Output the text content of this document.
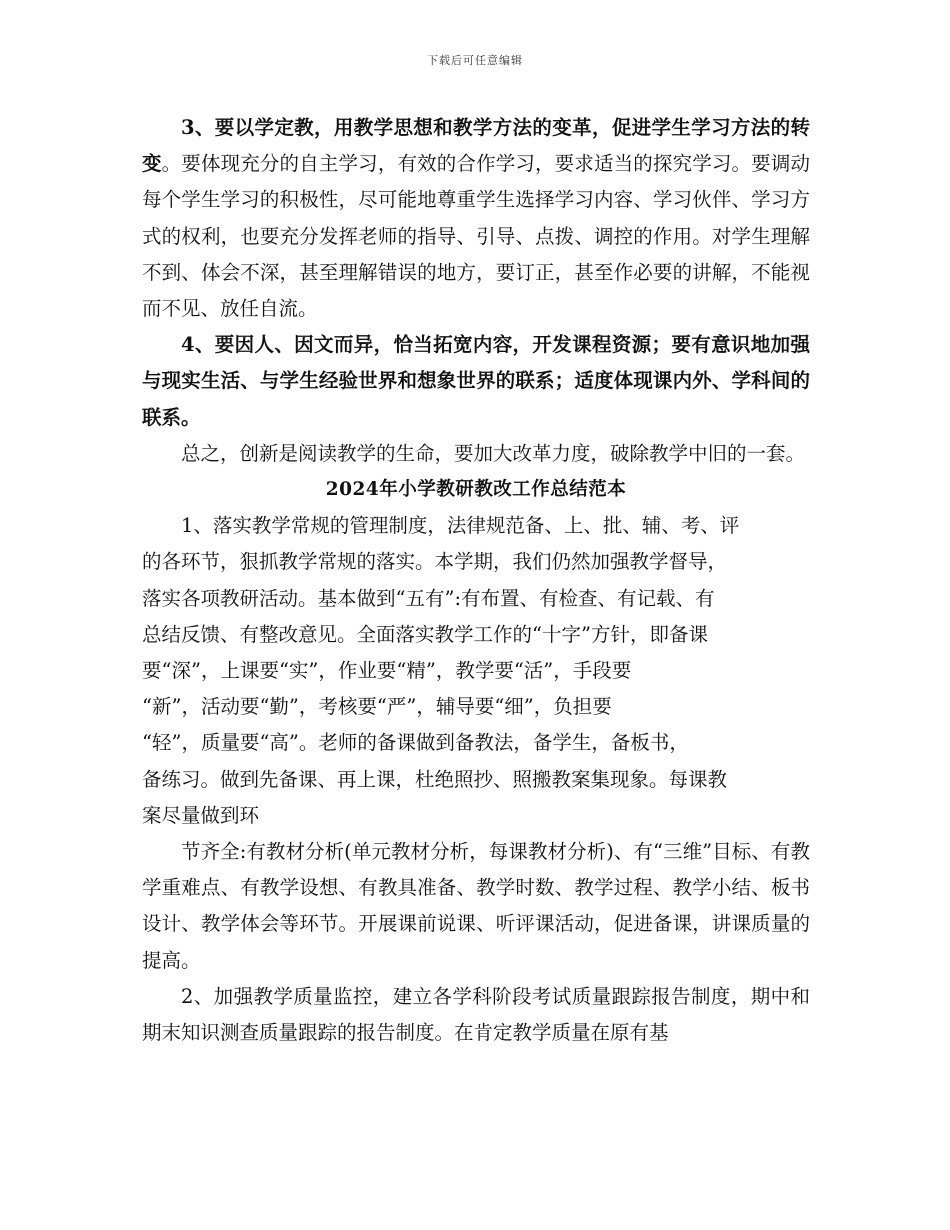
下载后可任意编辑

3、要以学定教，用教学思想和教学方法的变革，促进学生学习方法的转变。要体现充分的自主学习，有效的合作学习，要求适当的探究学习。要调动每个学生学习的积极性，尽可能地尊重学生选择学习内容、学习伙伴、学习方式的权利，也要充分发挥老师的指导、引导、点拨、调控的作用。对学生理解不到、体会不深，甚至理解错误的地方，要订正，甚至作必要的讲解，不能视而不见、放任自流。

4、要因人、因文而异，恰当拓宽内容，开发课程资源；要有意识地加强与现实生活、与学生经验世界和想象世界的联系；适度体现课内外、学科间的联系。

总之，创新是阅读教学的生命，要加大改革力度，破除教学中旧的一套。

2024年小学教研教改工作总结范本

1、落实教学常规的管理制度，法律规范备、上、批、辅、考、评

的各环节，狠抓教学常规的落实。本学期，我们仍然加强教学督导，

落实各项教研活动。基本做到“五有”:有布置、有检查、有记载、有

总结反馈、有整改意见。全面落实教学工作的“十字”方针，即备课

要“深”，上课要“实”，作业要“精”，教学要“活”，手段要

“新”，活动要“勤”，考核要“严”，辅导要“细”，负担要

“轻”，质量要“高”。老师的备课做到备教法，备学生，备板书，

备练习。做到先备课、再上课，杜绝照抄、照搬教案集现象。每课教

案尽量做到环

节齐全:有教材分析(单元教材分析，每课教材分析)、有“三维”目标、有教学重难点、有教学设想、有教具准备、教学时数、教学过程、教学小结、板书设计、教学体会等环节。开展课前说课、听评课活动，促进备课，讲课质量的提高。

2、加强教学质量监控，建立各学科阶段考试质量跟踪报告制度，期中和期末知识测查质量跟踪的报告制度。在肯定教学质量在原有基
